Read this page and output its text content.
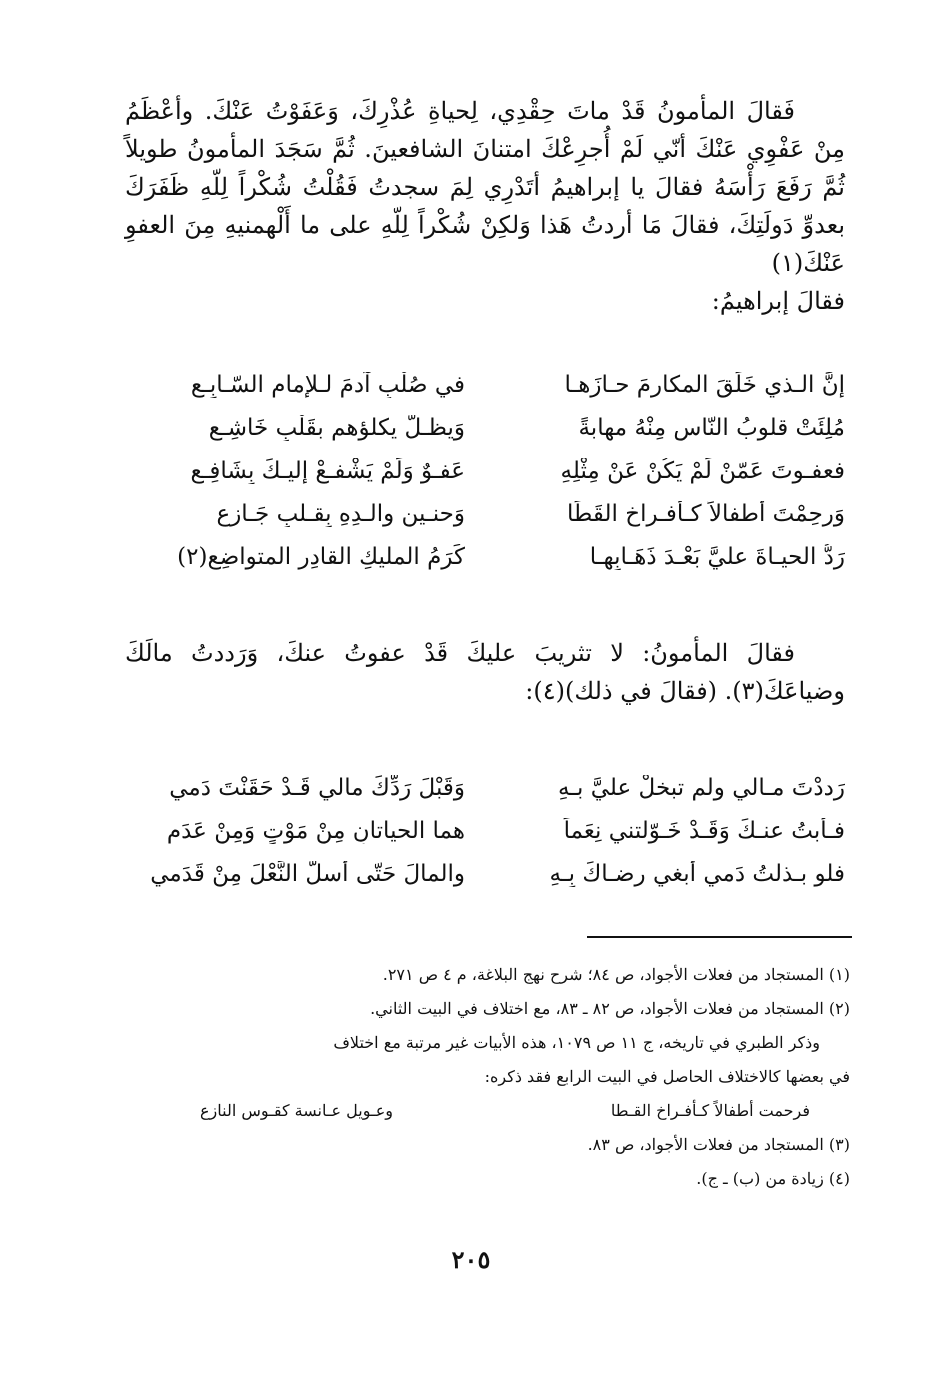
فَقالَ المأمونُ قَدْ ماتَ حِقْدِي، لِحياةِ عُذْرِكَ، وَعَفَوْتُ عَنْكَ. وأعْظَمُ مِنْ عَفْوِي عَنْكَ أنّي لَمْ أُجرِعْكَ امتنانَ الشافعينَ. ثُمَّ سَجَدَ المأمونُ طويلاً ثُمَّ رَفَعَ رَأْسَهُ فقالَ يا إبراهيمُ أتَدْرِي لِمَ سجدتُ فَقُلْتُ شُكْراً لِلّهِ ظَفَرَكَ بعدوِّ دَولَتِكَ، فقالَ مَا أردتُ هَذا وَلكِنْ شُكْراً لِلّهِ على ما أَلْهمنيهِ مِنَ العفوِ عَنْكَ(١)

فقالَ إبراهيمُ:

إنَّ الـذي خَلَقَ المكارِمَ حـازَهـا
في صُلْبِ آدمَ لـلإمامِ السّـابِـعِ
مُلِئَتْ قلوبُ النّاسِ مِنْهُ مهابةً
وَيظـلُّ يكلؤهم بقَلْبٍ خَاشِـعِ
فعفـوتَ عَمّنْ لَمْ يَكُنْ عَنْ مِثْلِهِ
عَفـوٌ وَلَمْ يَشْفـعْ إليـكَ بِشَافِـعِ
وَرحِمْتَ أطفالاً كـأفـراخِ القَطَا
وَحنـينِ والـدِهِ بِقـلبٍ جَـازعِ
رَدُّ الحيـاةَ عليَّ بَعْـدَ ذَهَـابِهـا
كَرَمُ المليكِ القادِرِ المتواضِعِ(٢)

فقالَ المأمونُ: لا تثريبَ عليكَ قَدْ عفوتُ عنكَ، وَرَددتُ مالَكَ وضياعَكَ(٣). (فقالَ في ذلك)(٤):

رَددْتَ مـالي ولم تبخلْ عليَّ بـهِ
وَقَبْلَ رَدِّكَ مالي قَـدْ حَقَنْتَ دَمي
فـأبتُ عنـكَ وَقَـدْ خَـوّلتني نِعَماً
هما الحياتانِ مِنْ مَوْتٍ وَمِنْ عَدَمِ
فلو بـذلتُ دَمي أبغي رِضـاكَ بِـهِ
والمالَ حَتّى أسلَّ النَّعْلَ مِنْ قَدَمي
(١) المستجاد من فعلات الأجواد، ص ٨٤؛ شرح نهج البلاغة، م ٤ ص ٢٧١.
(٢) المستجاد من فعلات الأجواد، ص ٨٢ ـ ٨٣، مع اختلاف في البيت الثاني.
وذكر الطبري في تاريخه، ج ١١ ص ١٠٧٩، هذه الأبيات غير مرتبة مع اختلاف
في بعضها كالاختلاف الحاصل في البيت الرابع فقد ذكره:
فرحمت أطفالاً كـأفـراخ القـطا
وعـويل عـانسة كقـوس النازع
(٣) المستجاد من فعلات الأجواد، ص ٨٣.
(٤) زيادة من (ب) ـ ج).
٢٠٥
